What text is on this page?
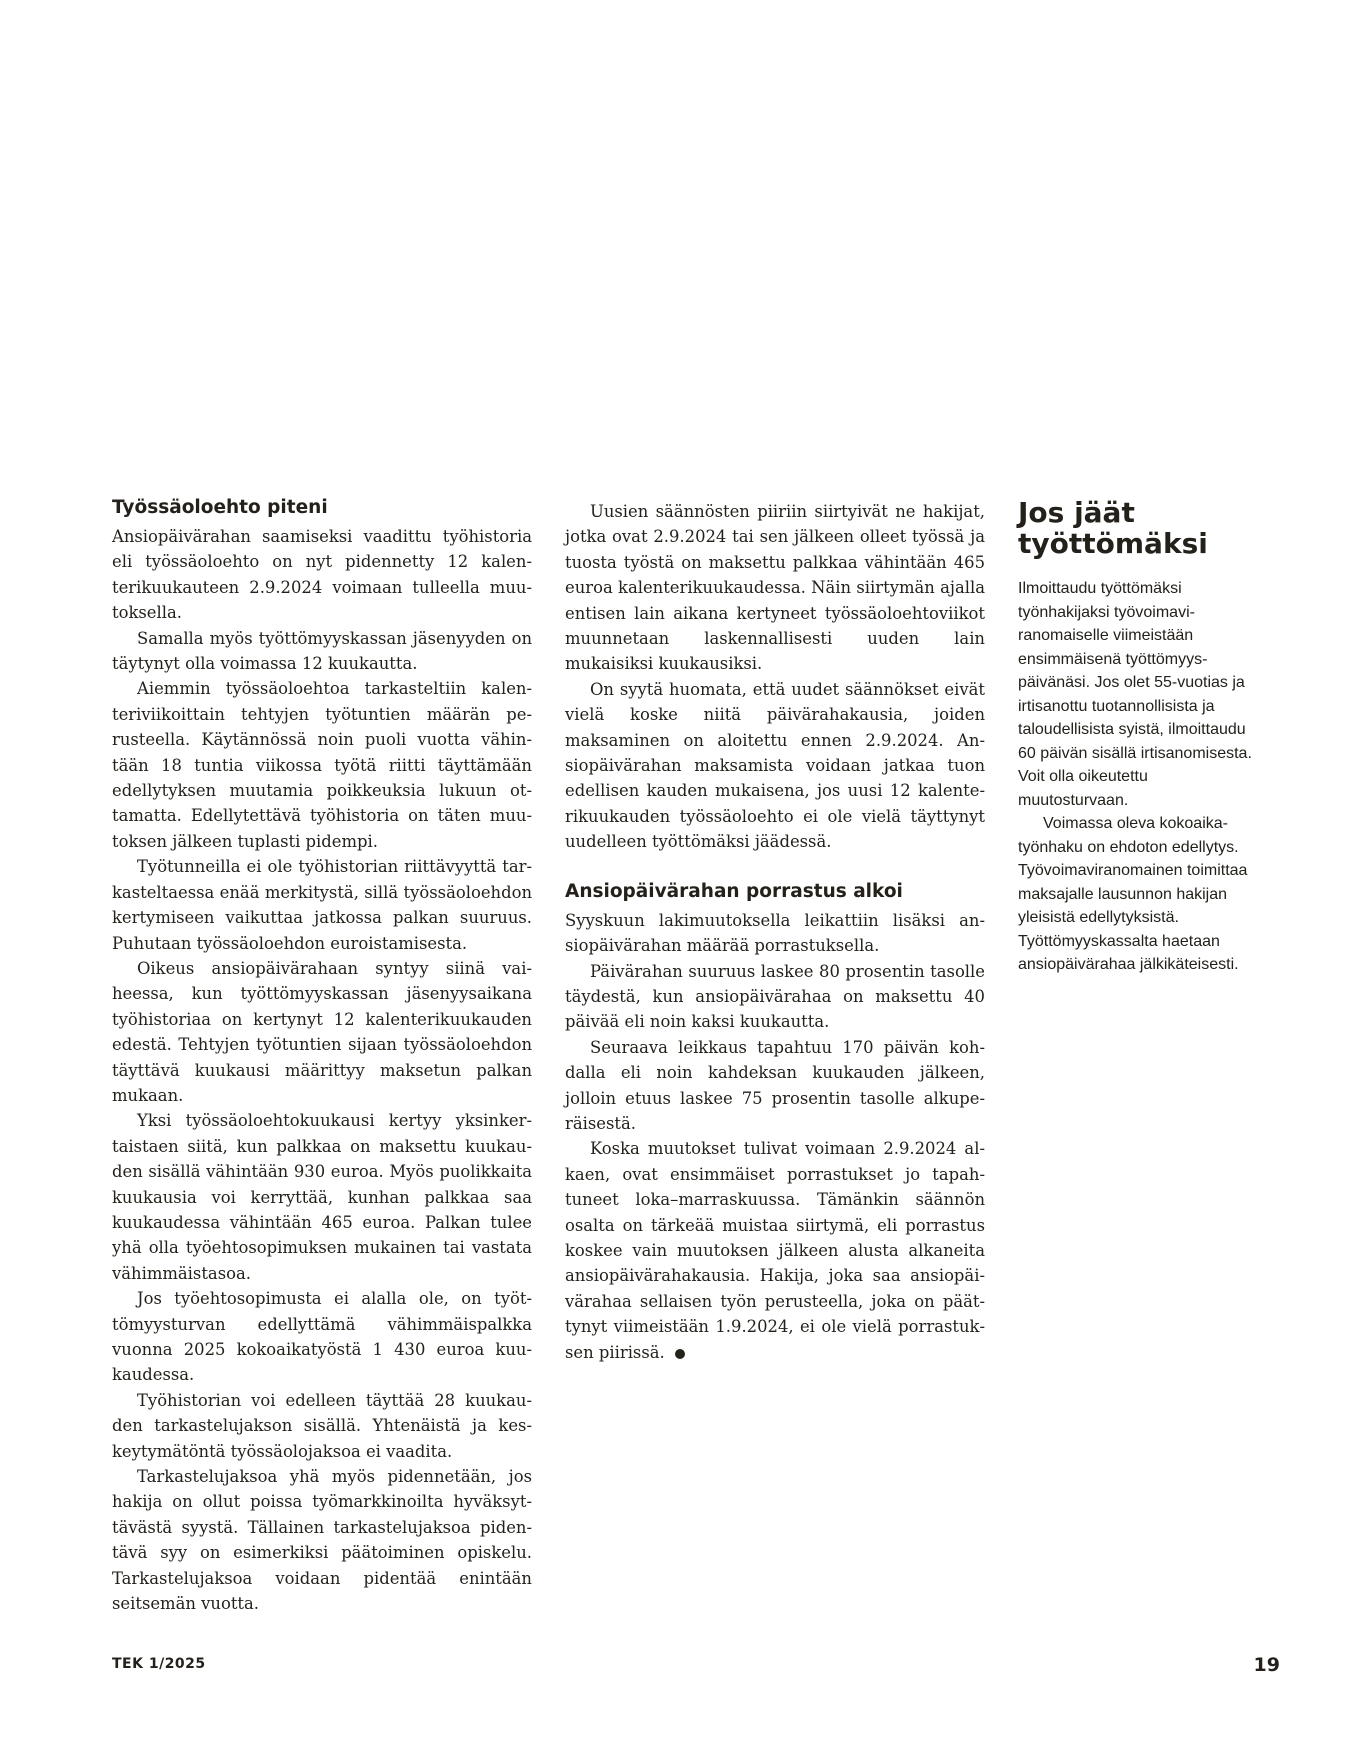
Työssäoloehto piteni

Ansiopäivärahan saamiseksi vaadittu työhistoria eli työssäoloehto on nyt pidennetty 12 kalenterikuukauteen 2.9.2024 voimaan tulleella muutoksella.

Samalla myös työttömyyskassan jäsenyyden on täytynyt olla voimassa 12 kuukautta.

Aiemmin työssäoloehtoa tarkasteltiin kalenteriviikoittain tehtyjen työtuntien määrän perusteella. Käytännössä noin puoli vuotta vähintään 18 tuntia viikossa työtä riitti täyttämään edellytyksen muutamia poikkeuksia lukuun ottamatta. Edellytettävä työhistoria on täten muutoksen jälkeen tuplasti pidempi.

Työtunneilla ei ole työhistorian riittävyyttä tarkasteltaessa enää merkitystä, sillä työssäoloehdon kertymiseen vaikuttaa jatkossa palkan suuruus. Puhutaan työssäoloehdon euroistamisesta.

Oikeus ansiopäivärahaan syntyy siinä vaiheessa, kun työttömyyskassan jäsenyysaikana työhistoriaa on kertynyt 12 kalenterikuukauden edestä. Tehtyjen työtuntien sijaan työssäoloehdon täyttävä kuukausi määrittyy maksetun palkan mukaan.

Yksi työssäoloehtokuukausi kertyy yksinkertaistaen siitä, kun palkkaa on maksettu kuukauden sisällä vähintään 930 euroa. Myös puolikkaita kuukausia voi kerryttää, kunhan palkkaa saa kuukaudessa vähintään 465 euroa. Palkan tulee yhä olla työehtosopimuksen mukainen tai vastata vähimmäistasoa.

Jos työehtosopimusta ei alalla ole, on työttömyysturvan edellyttämä vähimmäispalkka vuonna 2025 kokoaikatyöstä 1 430 euroa kuukaudessa.

Työhistorian voi edelleen täyttää 28 kuukauden tarkastelujakson sisällä. Yhtenäistä ja keskeytymätöntä työssäolojaksoa ei vaadita.

Tarkastelujaksoa yhä myös pidennetään, jos hakija on ollut poissa työmarkkinoilta hyväksyttävästä syystä. Tällainen tarkastelujaksoa pidentävä syy on esimerkiksi päätoiminen opiskelu. Tarkastelujaksoa voidaan pidentää enintään seitsemän vuotta.

Uusien säännösten piiriin siirtyivät ne hakijat, jotka ovat 2.9.2024 tai sen jälkeen olleet työssä ja tuosta työstä on maksettu palkkaa vähintään 465 euroa kalenterikuukaudessa. Näin siirtymän ajalla entisen lain aikana kertyneet työssäoloehtoviikot muunnetaan laskennallisesti uuden lain mukaisiksi kuukausiksi.

On syytä huomata, että uudet säännökset eivät vielä koske niitä päivärahakausia, joiden maksaminen on aloitettu ennen 2.9.2024. Ansiopäivärahan maksamista voidaan jatkaa tuon edellisen kauden mukaisena, jos uusi 12 kalenterikuukauden työssäoloehto ei ole vielä täyttynyt uudelleen työttömäksi jäädessä.

Ansiopäivärahan porrastus alkoi

Syyskuun lakimuutoksella leikattiin lisäksi ansiopäivärahan määrää porrastuksella.

Päivärahan suuruus laskee 80 prosentin tasolle täydestä, kun ansiopäivärahaa on maksettu 40 päivää eli noin kaksi kuukautta.

Seuraava leikkaus tapahtuu 170 päivän kohdalla eli noin kahdeksan kuukauden jälkeen, jolloin etuus laskee 75 prosentin tasolle alkuperäisestä.

Koska muutokset tulivat voimaan 2.9.2024 alkaen, ovat ensimmäiset porrastukset jo tapahtuneet loka–marraskuussa. Tämänkin säännön osalta on tärkeää muistaa siirtymä, eli porrastus koskee vain muutoksen jälkeen alusta alkaneita ansiopäivärahakausia. Hakija, joka saa ansiopäivärahaa sellaisen työn perusteella, joka on päättynyt viimeistään 1.9.2024, ei ole vielä porrastuksen piirissä.

Jos jäät
työttömäksi

Ilmoittaudu työttömäksi työnhakijaksi työvoimaviranomaiselle viimeistään ensimmäisenä työttömyyspäivänäsi. Jos olet 55-vuotias ja irtisanottu tuotannollisista ja taloudellisista syistä, ilmoittaudu 60 päivän sisällä irtisanomisesta. Voit olla oikeutettu muutosturvaan.

Voimassa oleva kokoaikatyönhaku on ehdoton edellytys. Työvoimaviranomainen toimittaa maksajalle lausunnon hakijan yleisistä edellytyksistä. Työttömyyskassalta haetaan ansiopäivärahaa jälkikäteisesti.

TEK 1/2025	19
